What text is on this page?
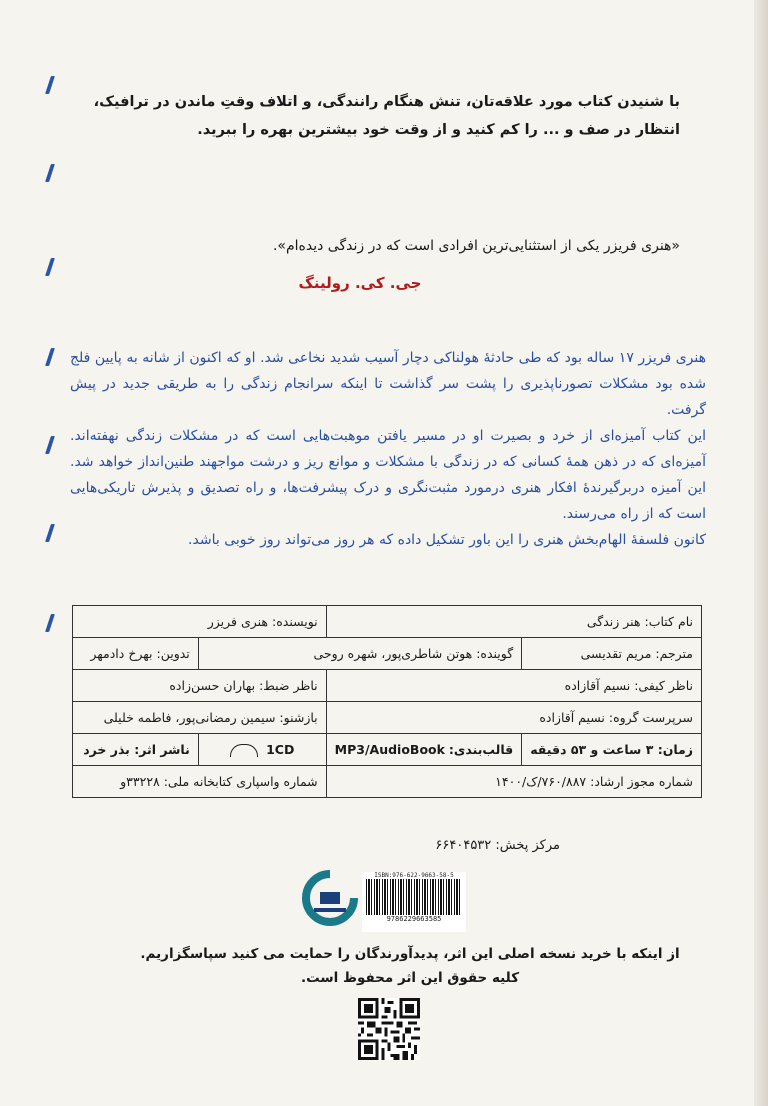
با شنیدن کتاب مورد علاقه‌تان، تنش هنگام رانندگی، و اتلاف وقتِ ماندن در ترافیک،
انتظار در صف و ... را کم کنید و از وقت خود بیشترین بهره را ببرید.
«هنری فریزر یکی از استثنایی‌ترین افرادی است که در زندگی دیده‌ام».
جی. کی. رولینگ
هنری فریزر ۱۷ ساله بود که طی حادثهٔ هولناکی دچار آسیب شدید نخاعی شد. او که اکنون از شانه به پایین فلج شده بود مشکلات تصورناپذیری را پشت سر گذاشت تا اینکه سرانجام زندگی را به طریقی جدید در پیش گرفت.
این کتاب آمیزه‌ای از خرد و بصیرت او در مسیر یافتن موهبت‌هایی است که در مشکلات زندگی نهفته‌اند. آمیزه‌ای که در ذهن همهٔ کسانی که در زندگی با مشکلات و موانع ریز و درشت مواجهند طنین‌انداز خواهد شد. این آمیزه دربرگیرندهٔ افکار هنری درمورد مثبت‌نگری و درک پیشرفت‌ها، و راه تصدیق و پذیرش تاریکی‌هایی است که از راه می‌رسند.
کانون فلسفهٔ الهام‌بخش هنری را این باور تشکیل داده که هر روز می‌تواند روز خوبی باشد.
نام کتاب: هنر زندگی		نویسنده: هنری فریزر	
مترجم: مریم تقدیسی	گوینده: هوتن شاطری‌پور، شهره روحی		تدوین: بهرخ دادمهر
ناظر کیفی: نسیم آقازاده		ناظر ضبط: بهاران حسن‌زاده	
سرپرست گروه: نسیم آقازاده		بازشنو: سیمین رمضانی‌پور، فاطمه خلیلی	
زمان: ۳ ساعت و ۵۳ دقیقه	قالب‌بندی: MP3/AudioBook	1CD	ناشر اثر: بذر خرد
شماره مجوز ارشاد: ۷۶۰/۸۸۷/ک/۱۴۰۰		شماره واسپاری کتابخانه ملی: ۳۳۲۲۸و	
مرکز پخش: ۶۶۴۰۴۵۳۲
ISBN:976-622-9663-58-5
9786229663585
از اینکه با خرید نسخه اصلی این اثر، پدیدآورندگان را حمایت می کنید سپاسگزاریم.
کلیه حقوق این اثر محفوظ است.
